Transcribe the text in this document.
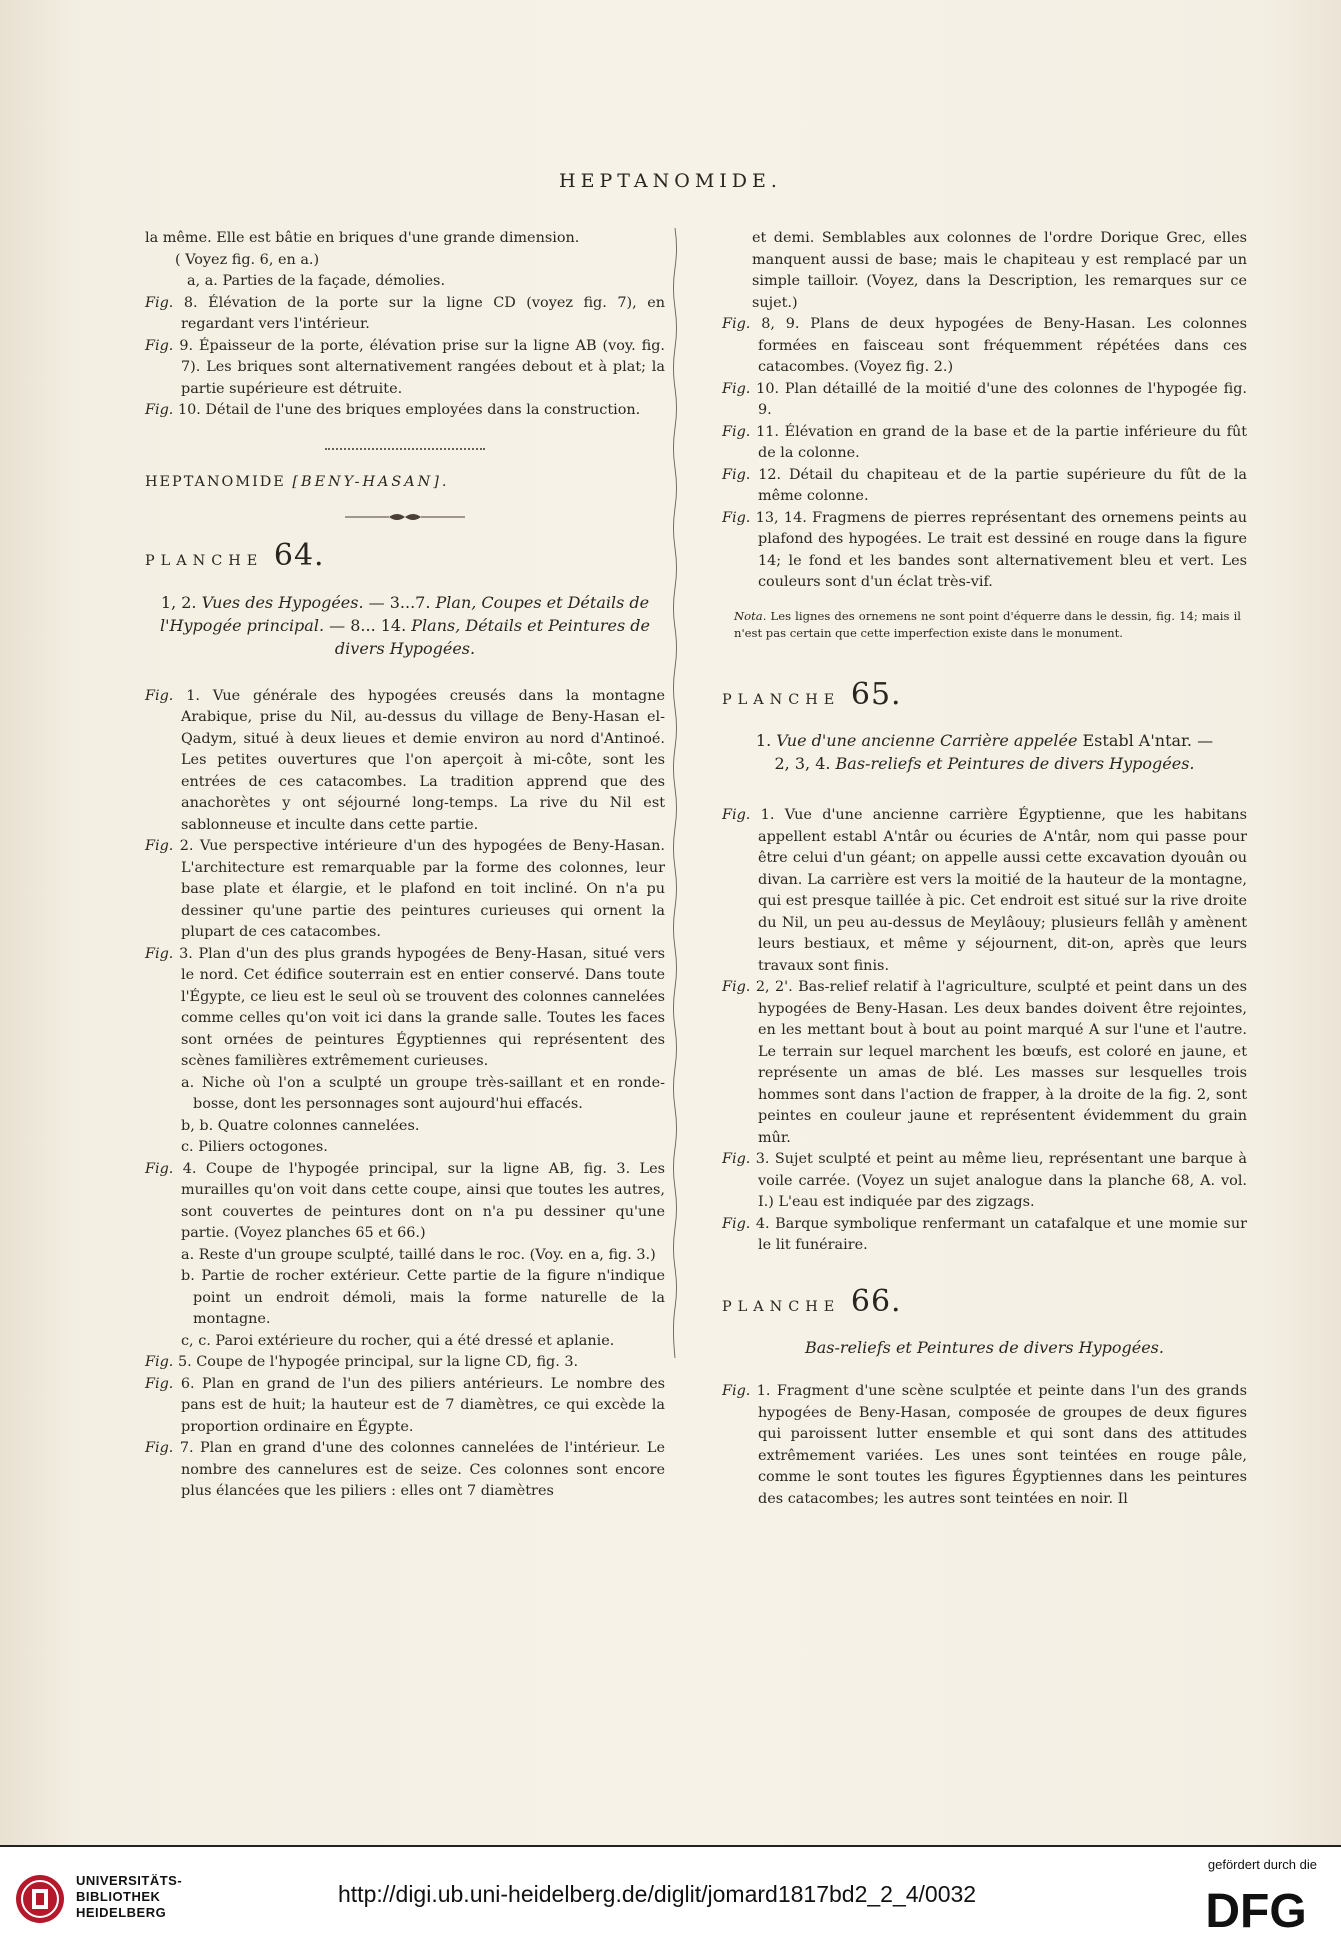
HEPTANOMIDE.

la même. Elle est bâtie en briques d'une grande dimension.

( Voyez fig. 6, en a.)

a, a. Parties de la façade, démolies.

Fig. 8. Élévation de la porte sur la ligne CD (voyez fig. 7), en regardant vers l'intérieur.

Fig. 9. Épaisseur de la porte, élévation prise sur la ligne AB (voy. fig. 7). Les briques sont alternativement rangées debout et à plat; la partie supérieure est détruite.

Fig. 10. Détail de l'une des briques employées dans la construction.

HEPTANOMIDE [BENY-HASAN].

PLANCHE 64.

1, 2. Vues des Hypogées. — 3...7. Plan, Coupes et Détails de l'Hypogée principal. — 8... 14. Plans, Détails et Peintures de divers Hypogées.

Fig. 1. Vue générale des hypogées creusés dans la montagne Arabique, prise du Nil, au-dessus du village de Beny-Hasan el-Qadym, situé à deux lieues et demie environ au nord d'Antinoé. Les petites ouvertures que l'on aperçoit à mi-côte, sont les entrées de ces catacombes. La tradition apprend que des anachorètes y ont séjourné long-temps. La rive du Nil est sablonneuse et inculte dans cette partie.

Fig. 2. Vue perspective intérieure d'un des hypogées de Beny-Hasan. L'architecture est remarquable par la forme des colonnes, leur base plate et élargie, et le plafond en toit incliné. On n'a pu dessiner qu'une partie des peintures curieuses qui ornent la plupart de ces catacombes.

Fig. 3. Plan d'un des plus grands hypogées de Beny-Hasan, situé vers le nord. Cet édifice souterrain est en entier conservé. Dans toute l'Égypte, ce lieu est le seul où se trouvent des colonnes cannelées comme celles qu'on voit ici dans la grande salle. Toutes les faces sont ornées de peintures Égyptiennes qui représentent des scènes familières extrêmement curieuses.

a. Niche où l'on a sculpté un groupe très-saillant et en ronde-bosse, dont les personnages sont aujourd'hui effacés.

b, b. Quatre colonnes cannelées.

c. Piliers octogones.

Fig. 4. Coupe de l'hypogée principal, sur la ligne AB, fig. 3. Les murailles qu'on voit dans cette coupe, ainsi que toutes les autres, sont couvertes de peintures dont on n'a pu dessiner qu'une partie. (Voyez planches 65 et 66.)

a. Reste d'un groupe sculpté, taillé dans le roc. (Voy. en a, fig. 3.)

b. Partie de rocher extérieur. Cette partie de la figure n'indique point un endroit démoli, mais la forme naturelle de la montagne.

c, c. Paroi extérieure du rocher, qui a été dressé et aplanie.

Fig. 5. Coupe de l'hypogée principal, sur la ligne CD, fig. 3.

Fig. 6. Plan en grand de l'un des piliers antérieurs. Le nombre des pans est de huit; la hauteur est de 7 diamètres, ce qui excède la proportion ordinaire en Égypte.

Fig. 7. Plan en grand d'une des colonnes cannelées de l'intérieur. Le nombre des cannelures est de seize. Ces colonnes sont encore plus élancées que les piliers : elles ont 7 diamètres

et demi. Semblables aux colonnes de l'ordre Dorique Grec, elles manquent aussi de base; mais le chapiteau y est remplacé par un simple tailloir. (Voyez, dans la Description, les remarques sur ce sujet.)

Fig. 8, 9. Plans de deux hypogées de Beny-Hasan. Les colonnes formées en faisceau sont fréquemment répétées dans ces catacombes. (Voyez fig. 2.)

Fig. 10. Plan détaillé de la moitié d'une des colonnes de l'hypogée fig. 9.

Fig. 11. Élévation en grand de la base et de la partie inférieure du fût de la colonne.

Fig. 12. Détail du chapiteau et de la partie supérieure du fût de la même colonne.

Fig. 13, 14. Fragmens de pierres représentant des ornemens peints au plafond des hypogées. Le trait est dessiné en rouge dans la figure 14; le fond et les bandes sont alternativement bleu et vert. Les couleurs sont d'un éclat très-vif.

Nota. Les lignes des ornemens ne sont point d'équerre dans le dessin, fig. 14; mais il n'est pas certain que cette imperfection existe dans le monument.

PLANCHE 65.

1. Vue d'une ancienne Carrière appelée Establ A'ntar. —
2, 3, 4. Bas-reliefs et Peintures de divers Hypogées.

Fig. 1. Vue d'une ancienne carrière Égyptienne, que les habitans appellent establ A'ntâr ou écuries de A'ntâr, nom qui passe pour être celui d'un géant; on appelle aussi cette excavation dyouân ou divan. La carrière est vers la moitié de la hauteur de la montagne, qui est presque taillée à pic. Cet endroit est situé sur la rive droite du Nil, un peu au-dessus de Meylâouy; plusieurs fellâh y amènent leurs bestiaux, et même y séjournent, dit-on, après que leurs travaux sont finis.

Fig. 2, 2'. Bas-relief relatif à l'agriculture, sculpté et peint dans un des hypogées de Beny-Hasan. Les deux bandes doivent être rejointes, en les mettant bout à bout au point marqué A sur l'une et l'autre. Le terrain sur lequel marchent les bœufs, est coloré en jaune, et représente un amas de blé. Les masses sur lesquelles trois hommes sont dans l'action de frapper, à la droite de la fig. 2, sont peintes en couleur jaune et représentent évidemment du grain mûr.

Fig. 3. Sujet sculpté et peint au même lieu, représentant une barque à voile carrée. (Voyez un sujet analogue dans la planche 68, A. vol. I.) L'eau est indiquée par des zigzags.

Fig. 4. Barque symbolique renfermant un catafalque et une momie sur le lit funéraire.

PLANCHE 66.

Bas-reliefs et Peintures de divers Hypogées.

Fig. 1. Fragment d'une scène sculptée et peinte dans l'un des grands hypogées de Beny-Hasan, composée de groupes de deux figures qui paroissent lutter ensemble et qui sont dans des attitudes extrêmement variées. Les unes sont teintées en rouge pâle, comme le sont toutes les figures Égyptiennes dans les peintures des catacombes; les autres sont teintées en noir. Il

UNIVERSITÄTS-
BIBLIOTHEK
HEIDELBERG
http://digi.ub.uni-heidelberg.de/diglit/jomard1817bd2_2_4/0032
gefördert durch die
DFG
